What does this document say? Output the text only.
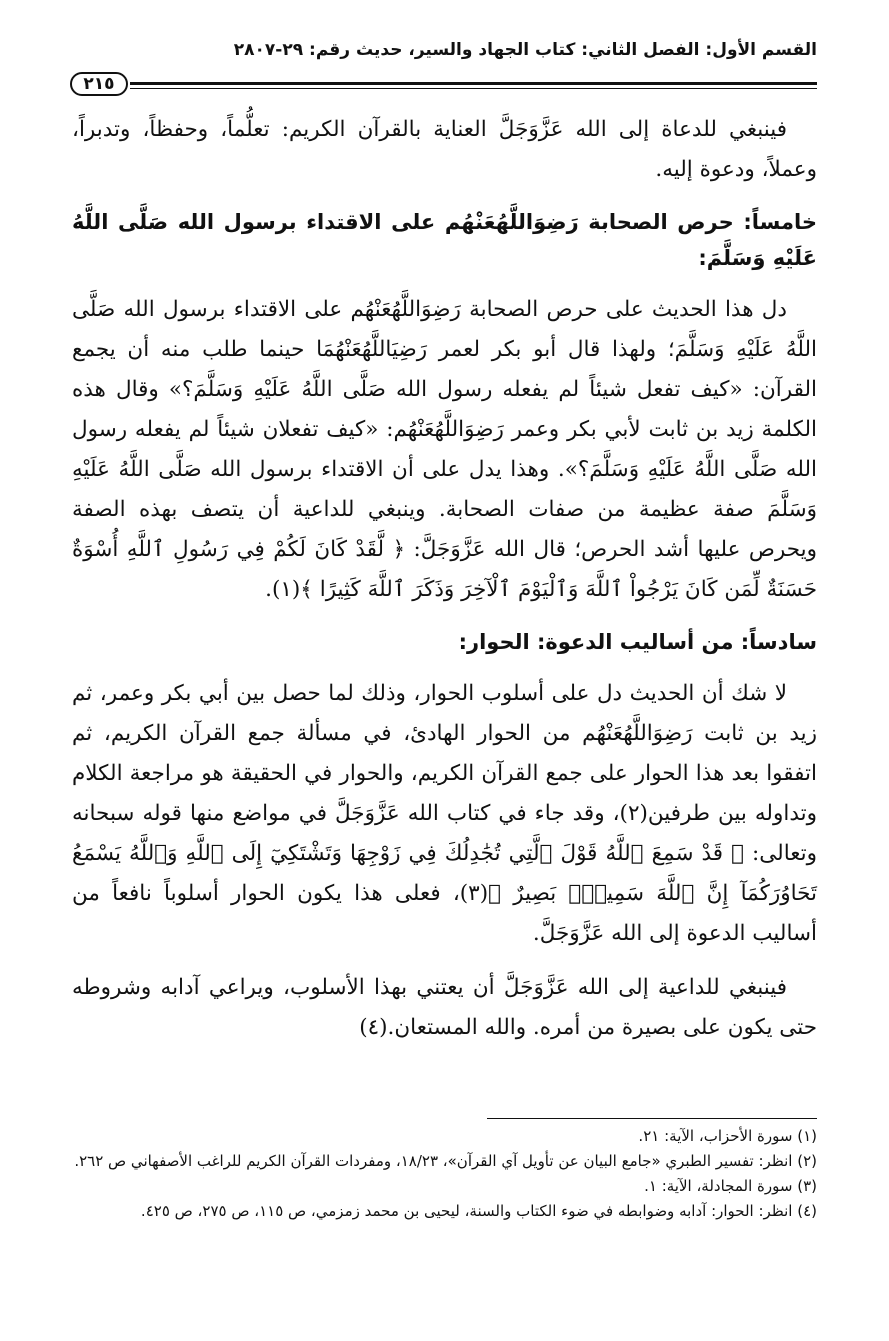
القسم الأول: الفصل الثاني: كتاب الجهاد والسير، حديث رقم: ٢٩-٢٨٠٧
٢١٥

فينبغي للدعاة إلى الله عَزَّوَجَلَّ العناية بالقرآن الكريم: تعلُّماً، وحفظاً، وتدبراً، وعملاً، ودعوة إليه.

خامساً: حرص الصحابة رَضِوَاللَّهُعَنْهُم على الاقتداء برسول الله صَلَّى اللَّهُ عَلَيْهِ وَسَلَّمَ:

دل هذا الحديث على حرص الصحابة رَضِوَاللَّهُعَنْهُم على الاقتداء برسول الله صَلَّى اللَّهُ عَلَيْهِ وَسَلَّمَ؛ ولهذا قال أبو بكر لعمر رَضِيَاللَّهُعَنْهُمَا حينما طلب منه أن يجمع القرآن: «كيف تفعل شيئاً لم يفعله رسول الله صَلَّى اللَّهُ عَلَيْهِ وَسَلَّمَ؟» وقال هذه الكلمة زيد بن ثابت لأبي بكر وعمر رَضِوَاللَّهُعَنْهُم: «كيف تفعلان شيئاً لم يفعله رسول الله صَلَّى اللَّهُ عَلَيْهِ وَسَلَّمَ؟». وهذا يدل على أن الاقتداء برسول الله صَلَّى اللَّهُ عَلَيْهِ وَسَلَّمَ صفة عظيمة من صفات الصحابة. وينبغي للداعية أن يتصف بهذه الصفة ويحرص عليها أشد الحرص؛ قال الله عَزَّوَجَلَّ: ﴿ لَّقَدْ كَانَ لَكُمْ فِي رَسُولِ ٱللَّهِ أُسْوَةٌ حَسَنَةٌ لِّمَن كَانَ يَرْجُواْ ٱللَّهَ وَٱلْيَوْمَ ٱلْآخِرَ وَذَكَرَ ٱللَّهَ كَثِيرًا ﴾(١).

سادساً: من أساليب الدعوة: الحوار:

لا شك أن الحديث دل على أسلوب الحوار، وذلك لما حصل بين أبي بكر وعمر، ثم زيد بن ثابت رَضِوَاللَّهُعَنْهُم من الحوار الهادئ، في مسألة جمع القرآن الكريم، ثم اتفقوا بعد هذا الحوار على جمع القرآن الكريم، والحوار في الحقيقة هو مراجعة الكلام وتداوله بين طرفين(٢)، وقد جاء في كتاب الله عَزَّوَجَلَّ في مواضع منها قوله سبحانه وتعالى: ﴿ قَدْ سَمِعَ ٱللَّهُ قَوْلَ ٱلَّتِي تُجَٰدِلُكَ فِي زَوْجِهَا وَتَشْتَكِيٓ إِلَى ٱللَّهِ وَٱللَّهُ يَسْمَعُ تَحَاوُرَكُمَآ إِنَّ ٱللَّهَ سَمِيعُۢ بَصِيرٌ ﴾(٣)، فعلى هذا يكون الحوار أسلوباً نافعاً من أساليب الدعوة إلى الله عَزَّوَجَلَّ.

فينبغي للداعية إلى الله عَزَّوَجَلَّ أن يعتني بهذا الأسلوب، ويراعي آدابه وشروطه حتى يكون على بصيرة من أمره. والله المستعان.(٤)

(١) سورة الأحزاب، الآية: ٢١.

(٢) انظر: تفسير الطبري «جامع البيان عن تأويل آي القرآن»، ١٨/٢٣، ومفردات القرآن الكريم للراغب الأصفهاني ص ٢٦٢.

(٣) سورة المجادلة، الآية: ١.

(٤) انظر: الحوار: آدابه وضوابطه في ضوء الكتاب والسنة، ليحيى بن محمد زمزمي، ص ١١٥، ص ٢٧٥، ص ٤٢٥.
